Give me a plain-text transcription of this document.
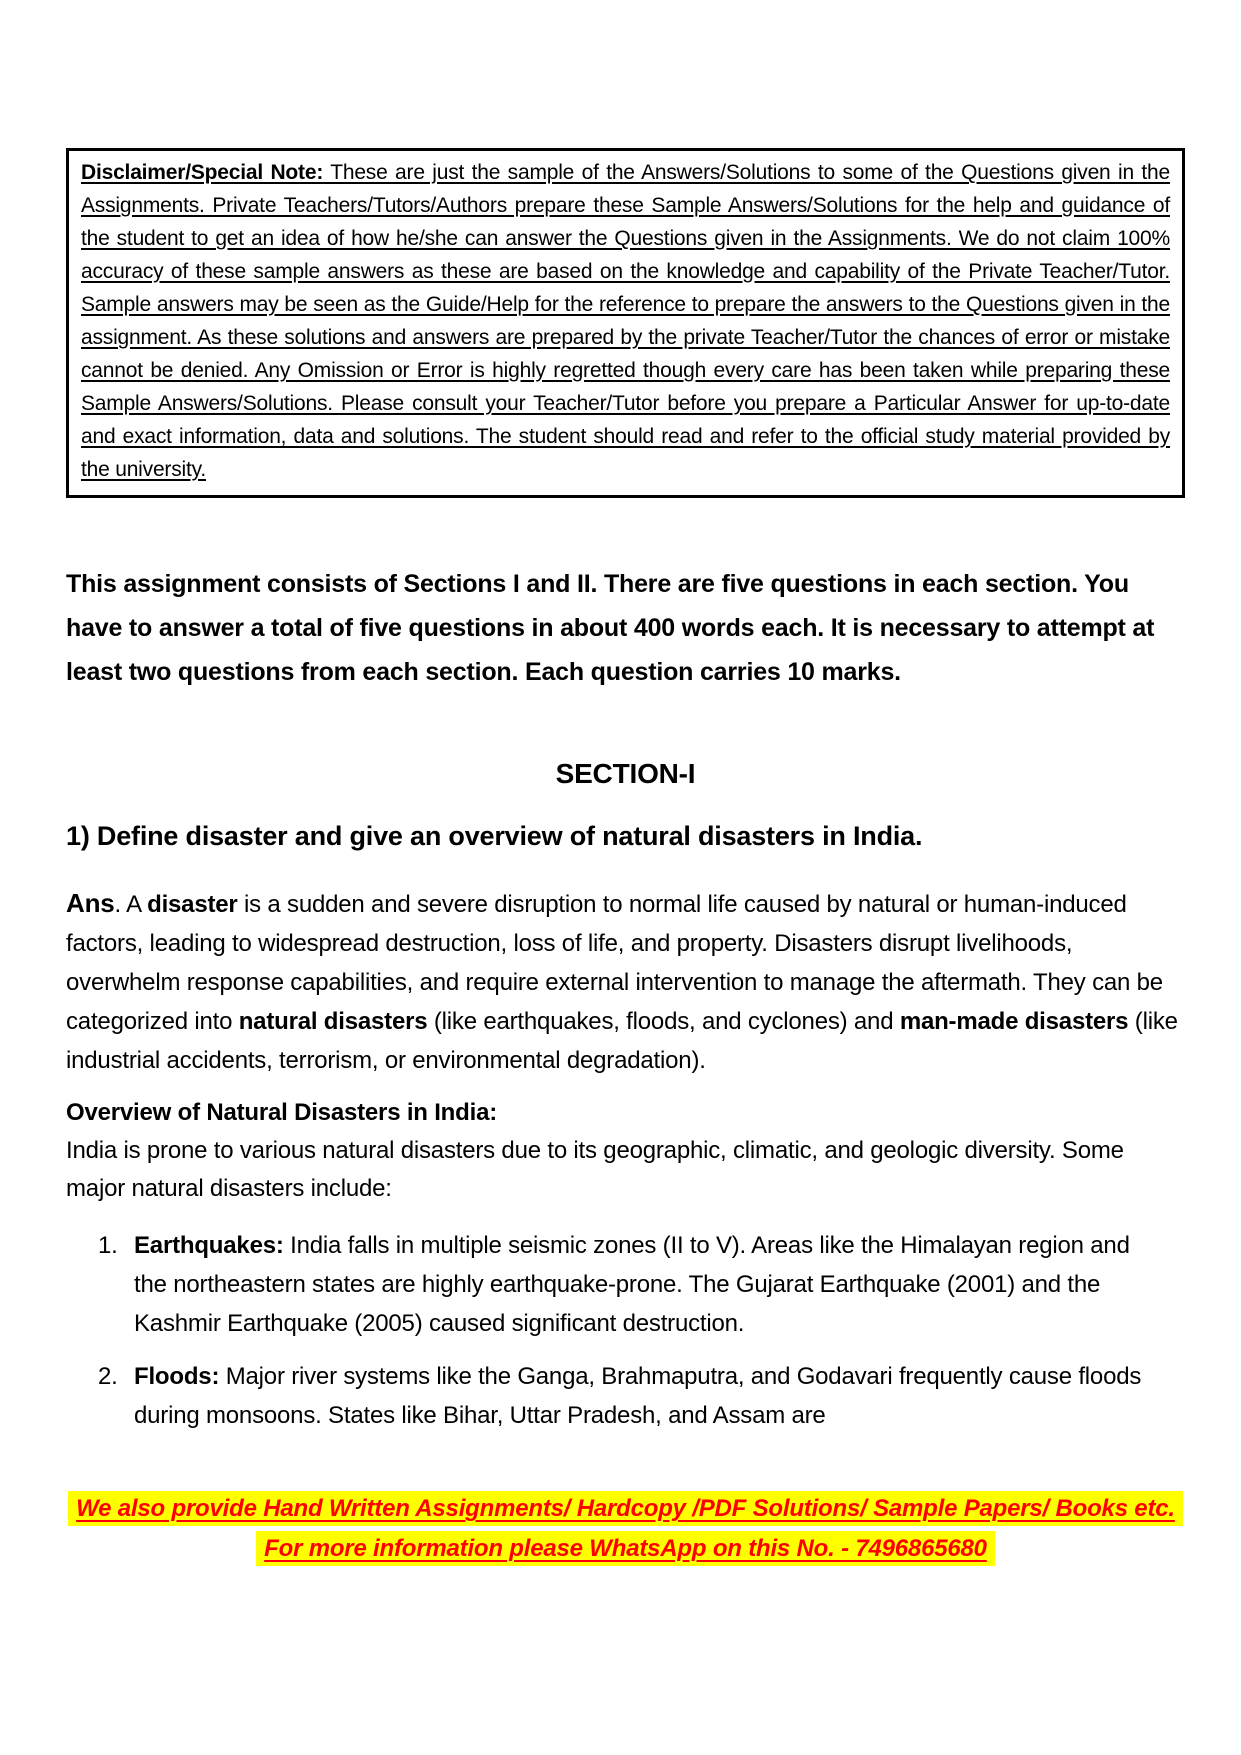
Disclaimer/Special Note: These are just the sample of the Answers/Solutions to some of the Questions given in the Assignments. Private Teachers/Tutors/Authors prepare these Sample Answers/Solutions for the help and guidance of the student to get an idea of how he/she can answer the Questions given in the Assignments. We do not claim 100% accuracy of these sample answers as these are based on the knowledge and capability of the Private Teacher/Tutor. Sample answers may be seen as the Guide/Help for the reference to prepare the answers to the Questions given in the assignment. As these solutions and answers are prepared by the private Teacher/Tutor the chances of error or mistake cannot be denied. Any Omission or Error is highly regretted though every care has been taken while preparing these Sample Answers/Solutions. Please consult your Teacher/Tutor before you prepare a Particular Answer for up-to-date and exact information, data and solutions. The student should read and refer to the official study material provided by the university.

This assignment consists of Sections I and II. There are five questions in each section. You have to answer a total of five questions in about 400 words each. It is necessary to attempt at least two questions from each section. Each question carries 10 marks.

SECTION-I
1) Define disaster and give an overview of natural disasters in India.

Ans. A disaster is a sudden and severe disruption to normal life caused by natural or human-induced factors, leading to widespread destruction, loss of life, and property. Disasters disrupt livelihoods, overwhelm response capabilities, and require external intervention to manage the aftermath. They can be categorized into natural disasters (like earthquakes, floods, and cyclones) and man-made disasters (like industrial accidents, terrorism, or environmental degradation).

Overview of Natural Disasters in India:

India is prone to various natural disasters due to its geographic, climatic, and geologic diversity. Some major natural disasters include:

1. Earthquakes: India falls in multiple seismic zones (II to V). Areas like the Himalayan region and the northeastern states are highly earthquake-prone. The Gujarat Earthquake (2001) and the Kashmir Earthquake (2005) caused significant destruction.
2. Floods: Major river systems like the Ganga, Brahmaputra, and Godavari frequently cause floods during monsoons. States like Bihar, Uttar Pradesh, and Assam are

We also provide Hand Written Assignments/ Hardcopy /PDF Solutions/ Sample Papers/ Books etc. For more information please WhatsApp on this No. - 7496865680
